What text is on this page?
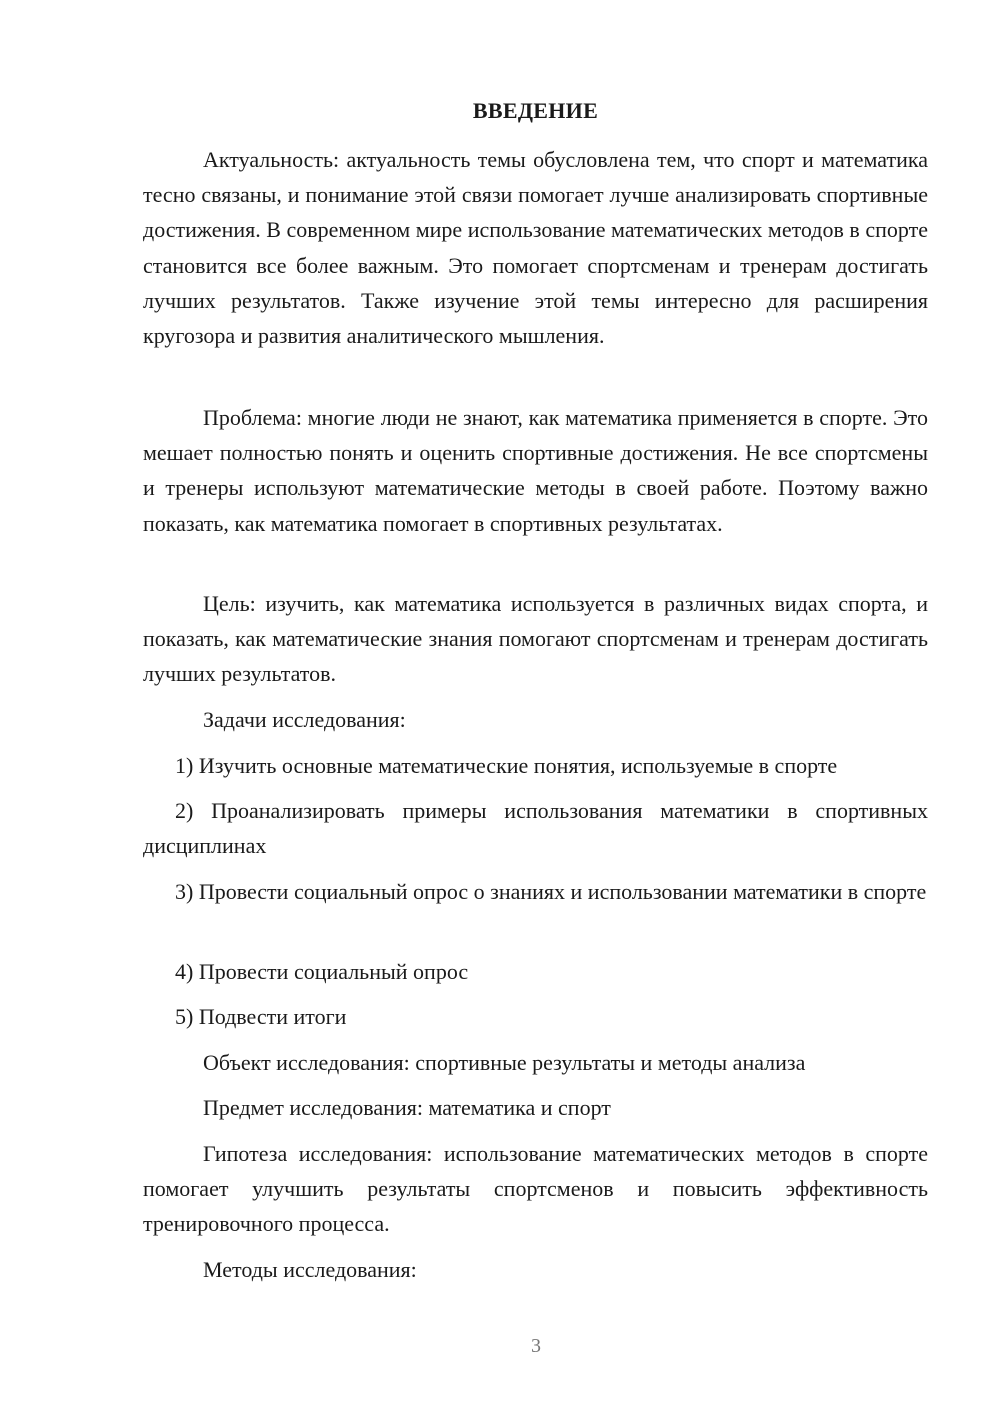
ВВЕДЕНИЕ

Актуальность: актуальность темы обусловлена тем, что спорт и математика тесно связаны, и понимание этой связи помогает лучше анализировать спортивные достижения. В современном мире использование математических методов в спорте становится все более важным. Это помогает спортсменам и тренерам достигать лучших результатов. Также изучение этой темы интересно для расширения кругозора и развития аналитического мышления.

Проблема: многие люди не знают, как математика применяется в спорте. Это мешает полностью понять и оценить спортивные достижения. Не все спортсмены и тренеры используют математические методы в своей работе. Поэтому важно показать, как математика помогает в спортивных результатах.

Цель: изучить, как математика используется в различных видах спорта, и показать, как математические знания помогают спортсменам и тренерам достигать лучших результатов.

Задачи исследования:

1) Изучить основные математические понятия, используемые в спорте

2) Проанализировать примеры использования математики в спортивных дисциплинах

3) Провести социальный опрос о знаниях и использовании математики в спорте

4) Провести социальный опрос

5) Подвести итоги

Объект исследования: спортивные результаты и методы анализа

Предмет исследования: математика и спорт

Гипотеза исследования: использование математических методов в спорте помогает улучшить результаты спортсменов и повысить эффективность тренировочного процесса.

Методы исследования:

3
